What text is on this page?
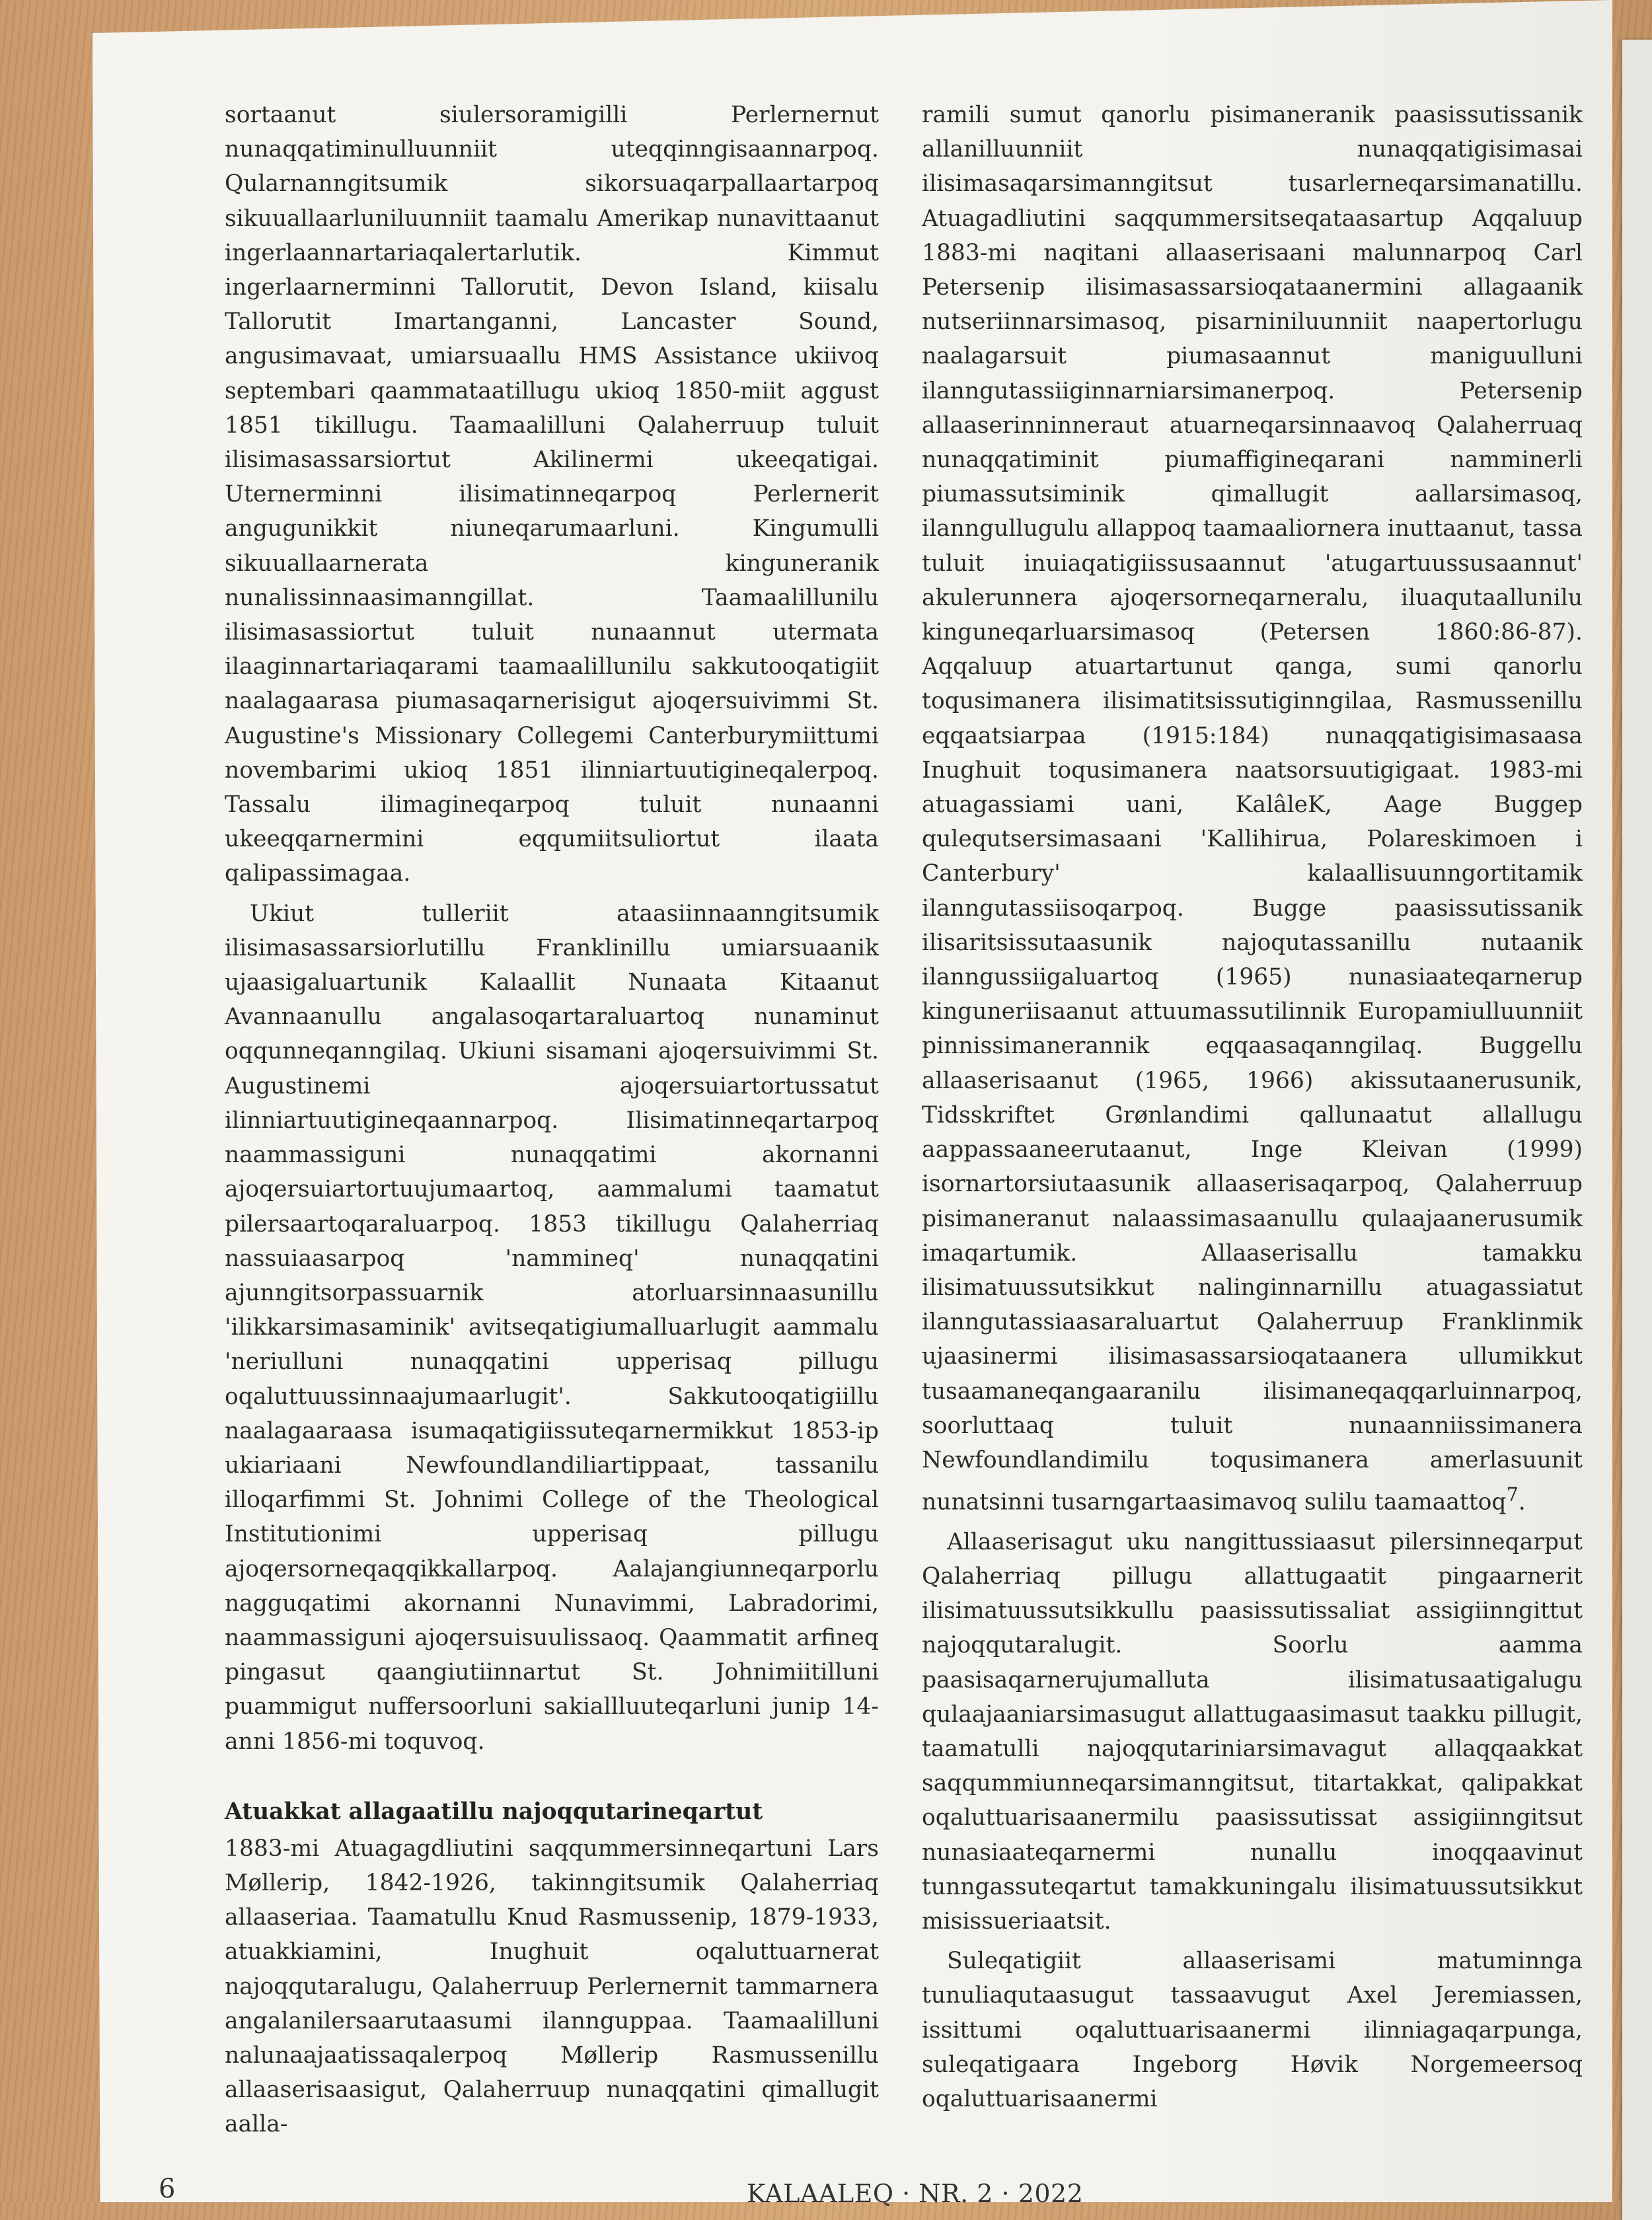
sortaanut siulersoramigilli Perlernernut nunaqqatiminulluunniit uteqqinngisaannarpoq. Qularnanngitsumik sikorsuaqarpallaartarpoq sikuuallaarluniluunniit taamalu Amerikap nunavittaanut ingerlaannartariaqalertarlutik. Kimmut ingerlaarnerminni Tallorutit, Devon Island, kiisalu Tallorutit Imartanganni, Lancaster Sound, angusimavaat, umiarsuaallu HMS Assistance ukiivoq septembari qaammataatillugu ukioq 1850-miit aggust 1851 tikillugu. Taamaalilluni Qalaherruup tuluit ilisimasassarsiortut Akilinermi ukeeqatigai. Uternerminni ilisimatinneqarpoq Perlernerit angugunikkit niuneqarumaarluni. Kingumulli sikuuallaarnerata kinguneranik nunalissinnaasimanngillat. Taamaalillunilu ilisimasassiortut tuluit nunaannut utermata ilaaginnartariaqarami taamaalillunilu sakkutooqatigiit naalagaarasa piumasaqarnerisigut ajoqersuivimmi St. Augustine's Missionary Collegemi Canterburymiittumi novembarimi ukioq 1851 ilinniartuutigineqalerpoq. Tassalu ilimagineqarpoq tuluit nunaanni ukeeqqarnermini eqqumiitsuliortut ilaata qalipassimagaa.

Ukiut tulleriit ataasiinnaanngitsumik ilisimasassarsiorlutillu Franklinillu umiarsuaanik ujaasigaluartunik Kalaallit Nunaata Kitaanut Avannaanullu angalasoqartaraluartoq nunaminut oqqunneqanngilaq. Ukiuni sisamani ajoqersuivimmi St. Augustinemi ajoqersuiartortussatut ilinniartuutigineqaannarpoq. Ilisimatinneqartarpoq naammassiguni nunaqqatimi akornanni ajoqersuiartortuujumaartoq, aammalumi taamatut pilersaartoqaraluarpoq. 1853 tikillugu Qalaherriaq nassuiaasarpoq 'nammineq' nunaqqatini ajunngitsorpassuarnik atorluarsinnaasunillu 'ilikkarsimasaminik' avitseqatigiumalluarlugit aammalu 'neriulluni nunaqqatini upperisaq pillugu oqaluttuussinnaajumaarlugit'. Sakkutooqatigiillu naalagaaraasa isumaqatigiissuteqarnermikkut 1853-ip ukiariaani Newfoundlandiliartippaat, tassanilu illoqarfimmi St. Johnimi College of the Theological Institutionimi upperisaq pillugu ajoqersorneqaqqikkallarpoq. Aalajangiunneqarporlu nagguqatimi akornanni Nunavimmi, Labradorimi, naammassiguni ajoqersuisuulissaoq. Qaammatit arfineq pingasut qaangiutiinnartut St. Johnimiitilluni puammigut nuffersoorluni sakiallluuteqarluni junip 14-anni 1856-mi toquvoq.

Atuakkat allagaatillu najoqqutarineqartut

1883-mi Atuagagdliutini saqqummersinneqartuni Lars Møllerip, 1842-1926, takinngitsumik Qalaherriaq allaaseriaa. Taamatullu Knud Rasmussenip, 1879-1933, atuakkiamini, Inughuit oqaluttuarnerat najoqqutaralugu, Qalaherruup Perlernernit tammarnera angalanilersaarutaasumi ilannguppaa. Taamaalilluni nalunaajaatissaqalerpoq Møllerip Rasmussenillu allaaserisaasigut, Qalaherruup nunaqqatini qimallugit aalla-

ramili sumut qanorlu pisimaneranik paasissutissanik allanilluunniit nunaqqatigisimasai ilisimasaqarsimanngitsut tusarlerneqarsimanatillu. Atuagadliutini saqqummersitseqataasartup Aqqaluup 1883-mi naqitani allaaserisaani malunnarpoq Carl Petersenip ilisimasassarsioqataanermini allagaanik nutseriinnarsimasoq, pisarniniluunniit naapertorlugu naalagarsuit piumasaannut maniguulluni ilanngutassiiginnarniarsimanerpoq. Petersenip allaaserinninneraut atuarneqarsinnaavoq Qalaherruaq nunaqqatiminit piumaffigineqarani namminerli piumassutsiminik qimallugit aallarsimasoq, ilanngullugulu allappoq taamaaliornera inuttaanut, tassa tuluit inuiaqatigiissusaannut 'atugartuussusaannut' akulerunnera ajoqersorneqarneralu, iluaqutaallunilu kinguneqarluarsimasoq (Petersen 1860:86-87). Aqqaluup atuartartunut qanga, sumi qanorlu toqusimanera ilisimatitsissutiginngilaa, Rasmussenillu eqqaatsiarpaa (1915:184) nunaqqatigisimasaasa Inughuit toqusimanera naatsorsuutigigaat. 1983-mi atuagassiami uani, KalâleK, Aage Buggep qulequtsersimasaani 'Kallihirua, Polareskimoen i Canterbury' kalaallisuunngortitamik ilanngutassiisoqarpoq. Bugge paasissutissanik ilisaritsissutaasunik najoqutassanillu nutaanik ilanngussiigaluartoq (1965) nunasiaateqarnerup kinguneriisaanut attuumassutilinnik Europamiulluunniit pinnissimanerannik eqqaasaqanngilaq. Buggellu allaaserisaanut (1965, 1966) akissutaanerusunik, Tidsskriftet Grønlandimi qallunaatut allallugu aappassaaneerutaanut, Inge Kleivan (1999) isornartorsiutaasunik allaaserisaqarpoq, Qalaherruup pisimaneranut nalaassimasaanullu qulaajaanerusumik imaqartumik. Allaaserisallu tamakku ilisimatuussutsikkut nalinginnarnillu atuagassiatut ilanngutassiaasaraluartut Qalaherruup Franklinmik ujaasinermi ilisimasassarsioqataanera ullumikkut tusaamaneqangaaranilu ilisimaneqaqqarluinnarpoq, soorluttaaq tuluit nunaanniissimanera Newfoundlandimilu toqusimanera amerlasuunit nunatsinni tusarngartaasimavoq sulilu taamaattoq$^7$.

Allaaserisagut uku nangittussiaasut pilersinneqarput Qalaherriaq pillugu allattugaatit pingaarnerit ilisimatuussutsikkullu paasissutissaliat assigiinngittut najoqqutaralugit. Soorlu aamma paasisaqarnerujumalluta ilisimatusaatigalugu qulaajaaniarsimasugut allattugaasimasut taakku pillugit, taamatulli najoqqutariniarsimavagut allaqqaakkat saqqummiunneqarsimanngitsut, titartakkat, qalipakkat oqaluttuarisaanermilu paasissutissat assigiinngitsut nunasiaateqarnermi nunallu inoqqaavinut tunngassuteqartut tamakkuningalu ilisimatuussutsikkut misissueriaatsit.

Suleqatigiit allaaserisami matuminnga tunuliaqutaasugut tassaavugut Axel Jeremiassen, issittumi oqaluttuarisaanermi ilinniagaqarpunga, suleqatigaara Ingeborg Høvik Norgemeersoq oqaluttuarisaanermi

6	KALAALEQ · NR. 2 · 2022
